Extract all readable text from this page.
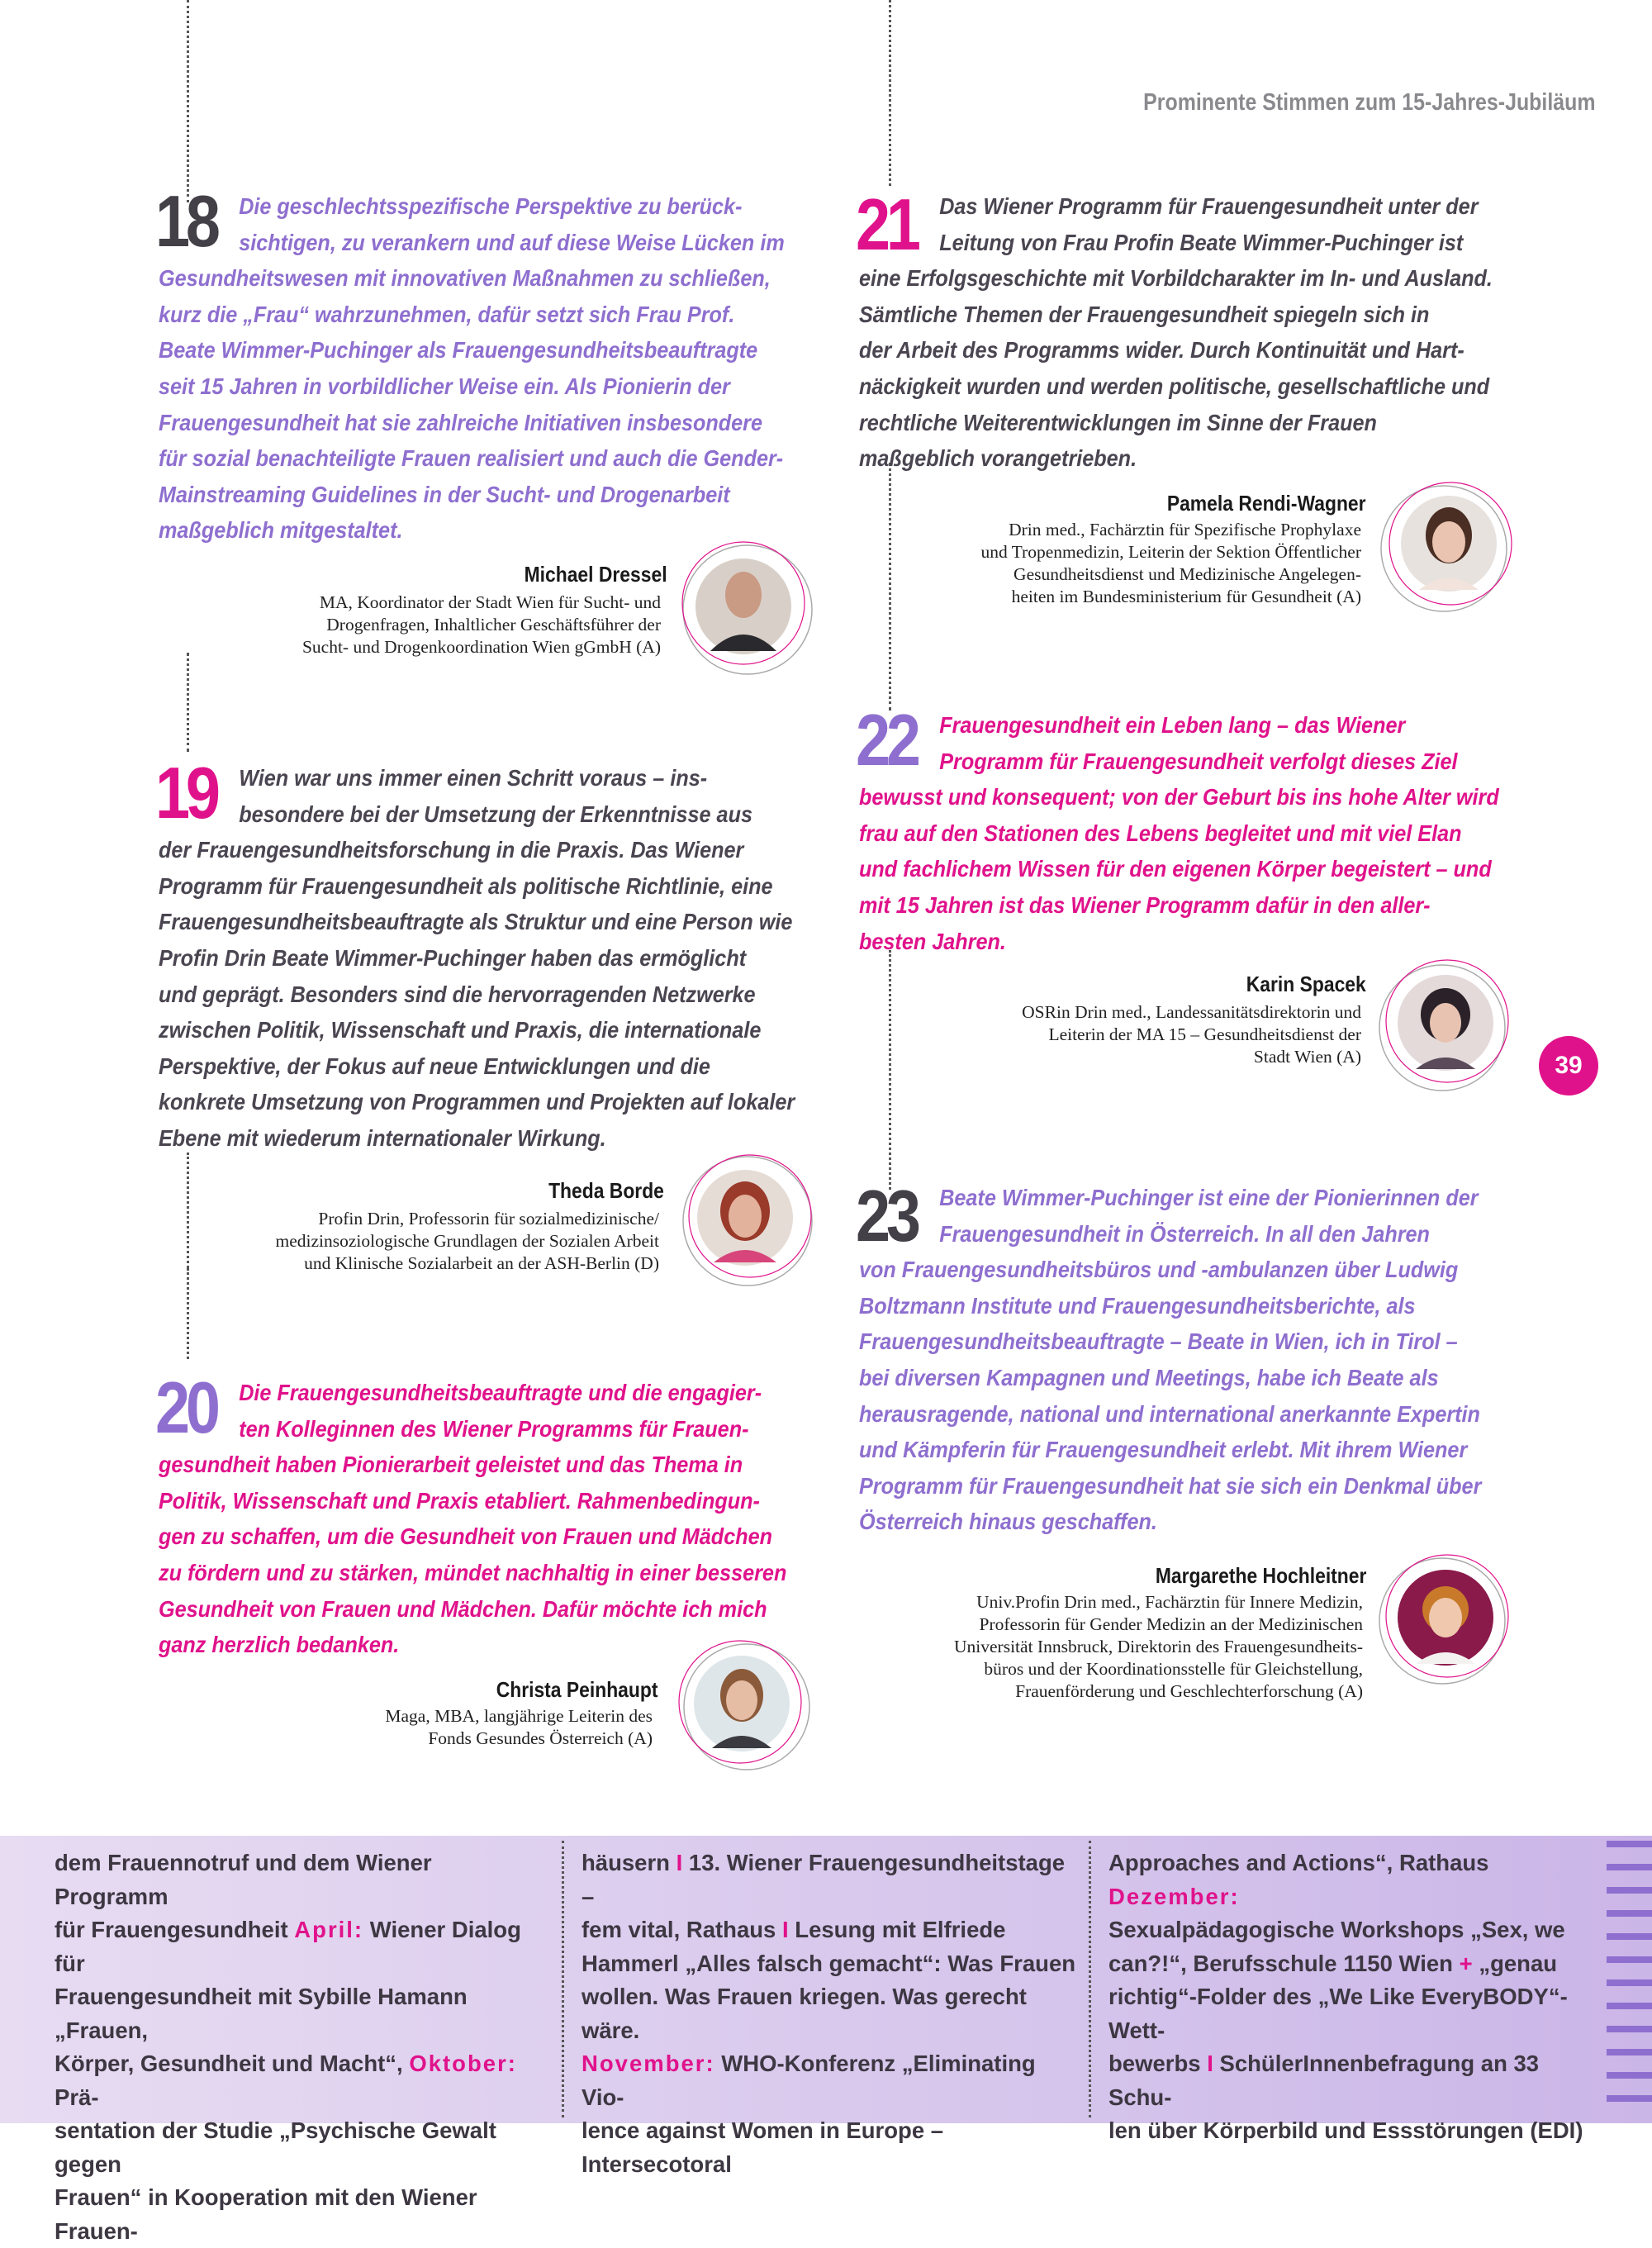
Prominente Stimmen zum 15-Jahres-Jubiläum
18 Die geschlechtsspezifische Perspektive zu berück-
sichtigen, zu verankern und auf diese Weise Lücken im
Gesundheitswesen mit innovativen Maßnahmen zu schließen,
kurz die „Frau“ wahrzunehmen, dafür setzt sich Frau Prof.
Beate Wimmer-Puchinger als Frauengesundheitsbeauftragte
seit 15 Jahren in vorbildlicher Weise ein. Als Pionierin der
Frauengesundheit hat sie zahlreiche Initiativen insbesondere
für sozial benachteiligte Frauen realisiert und auch die Gender-
Mainstreaming Guidelines in der Sucht- und Drogenarbeit
maßgeblich mitgestaltet.
Michael Dressel
MA, Koordinator der Stadt Wien für Sucht- und
Drogenfragen, Inhaltlicher Geschäftsführer der
Sucht- und Drogenkoordination Wien gGmbH (A)
19 Wien war uns immer einen Schritt voraus – ins-
besondere bei der Umsetzung der Erkenntnisse aus
der Frauengesundheitsforschung in die Praxis. Das Wiener
Programm für Frauengesundheit als politische Richtlinie, eine
Frauengesundheitsbeauftragte als Struktur und eine Person wie
Profin Drin Beate Wimmer-Puchinger haben das ermöglicht
und geprägt. Besonders sind die hervorragenden Netzwerke
zwischen Politik, Wissenschaft und Praxis, die internationale
Perspektive, der Fokus auf neue Entwicklungen und die
konkrete Umsetzung von Programmen und Projekten auf lokaler
Ebene mit wiederum internationaler Wirkung.
Theda Borde
Profin Drin, Professorin für sozialmedizinische/
medizinsoziologische Grundlagen der Sozialen Arbeit
und Klinische Sozialarbeit an der ASH-Berlin (D)
20 Die Frauengesundheitsbeauftragte und die engagier-
ten Kolleginnen des Wiener Programms für Frauen-
gesundheit haben Pionierarbeit geleistet und das Thema in
Politik, Wissenschaft und Praxis etabliert. Rahmenbedingun-
gen zu schaffen, um die Gesundheit von Frauen und Mädchen
zu fördern und zu stärken, mündet nachhaltig in einer besseren
Gesundheit von Frauen und Mädchen. Dafür möchte ich mich
ganz herzlich bedanken.
Christa Peinhaupt
Maga, MBA, langjährige Leiterin des
Fonds Gesundes Österreich (A)
21 Das Wiener Programm für Frauengesundheit unter der
Leitung von Frau Profin Beate Wimmer-Puchinger ist
eine Erfolgsgeschichte mit Vorbildcharakter im In- und Ausland.
Sämtliche Themen der Frauengesundheit spiegeln sich in
der Arbeit des Programms wider. Durch Kontinuität und Hart-
näckigkeit wurden und werden politische, gesellschaftliche und
rechtliche Weiterentwicklungen im Sinne der Frauen
maßgeblich vorangetrieben.
Pamela Rendi-Wagner
Drin med., Fachärztin für Spezifische Prophylaxe
und Tropenmedizin, Leiterin der Sektion Öffentlicher
Gesundheitsdienst und Medizinische Angelegen-
heiten im Bundesministerium für Gesundheit (A)
22 Frauengesundheit ein Leben lang – das Wiener
Programm für Frauengesundheit verfolgt dieses Ziel
bewusst und konsequent; von der Geburt bis ins hohe Alter wird
frau auf den Stationen des Lebens begleitet und mit viel Elan
und fachlichem Wissen für den eigenen Körper begeistert – und
mit 15 Jahren ist das Wiener Programm dafür in den aller-
besten Jahren.
Karin Spacek
OSRin Drin med., Landessanitätsdirektorin und
Leiterin der MA 15 – Gesundheitsdienst der
Stadt Wien (A)
23 Beate Wimmer-Puchinger ist eine der Pionierinnen der
Frauengesundheit in Österreich. In all den Jahren
von Frauengesundheitsbüros und -ambulanzen über Ludwig
Boltzmann Institute und Frauengesundheitsberichte, als
Frauengesundheitsbeauftragte – Beate in Wien, ich in Tirol –
bei diversen Kampagnen und Meetings, habe ich Beate als
herausragende, national und international anerkannte Expertin
und Kämpferin für Frauengesundheit erlebt. Mit ihrem Wiener
Programm für Frauengesundheit hat sie sich ein Denkmal über
Österreich hinaus geschaffen.
Margarethe Hochleitner
Univ.Profin Drin med., Fachärztin für Innere Medizin,
Professorin für Gender Medizin an der Medizinischen
Universität Innsbruck, Direktorin des Frauengesundheits-
büros und der Koordinationsstelle für Gleichstellung,
Frauenförderung und Geschlechterforschung (A)
39
dem Frauennotruf und dem Wiener Programm
für Frauengesundheit April: Wiener Dialog für
Frauengesundheit mit Sybille Hamann „Frauen,
Körper, Gesundheit und Macht“, Oktober: Prä-
sentation der Studie „Psychische Gewalt gegen
Frauen“ in Kooperation mit den Wiener Frauen-
häusern I 13. Wiener Frauengesundheitstage –
fem vital, Rathaus I Lesung mit Elfriede
Hammerl „Alles falsch gemacht“: Was Frauen
wollen. Was Frauen kriegen. Was gerecht wäre.
November: WHO-Konferenz „Eliminating Vio-
lence against Women in Europe – Intersecotoral
Approaches and Actions“, Rathaus Dezember:
Sexualpädagogische Workshops „Sex, we
can?!“, Berufsschule 1150 Wien + „genau
richtig“-Folder des „We Like EveryBODY“-Wett-
bewerbs I SchülerInnenbefragung an 33 Schu-
len über Körperbild und Essstörungen (EDI)
